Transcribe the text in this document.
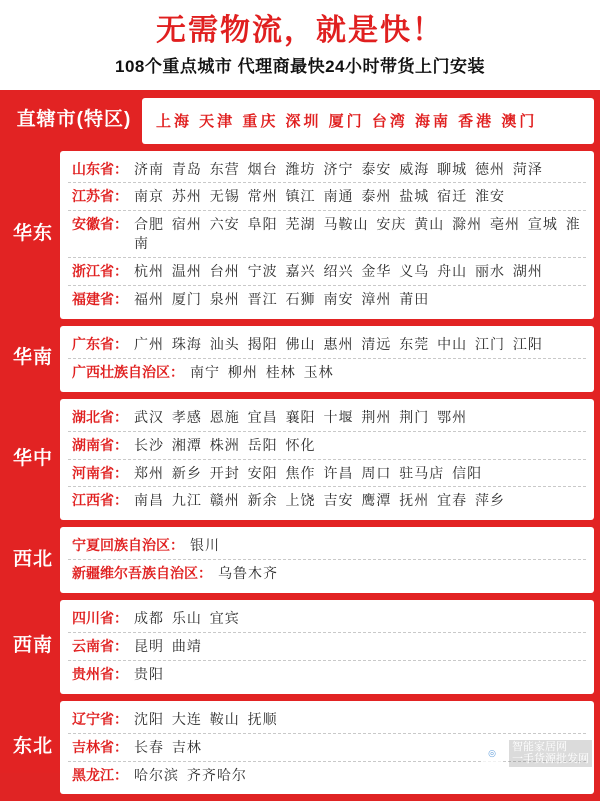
无需物流，就是快！
108个重点城市 代理商最快24小时带货上门安装
直辖市(特区)	上海 天津 重庆 深圳 厦门 台湾 海南 香港 澳门
华东
山东省： 济南 青岛 东营 烟台 潍坊 济宁 泰安 威海 聊城 德州 菏泽
江苏省： 南京 苏州 无锡 常州 镇江 南通 泰州 盐城 宿迁 淮安
安徽省： 合肥 宿州 六安 阜阳 芜湖 马鞍山 安庆 黄山 滁州 亳州 宣城 淮南
浙江省： 杭州 温州 台州 宁波 嘉兴 绍兴 金华 义乌 舟山 丽水 湖州
福建省： 福州 厦门 泉州 晋江 石狮 南安 漳州 莆田
华南
广东省： 广州 珠海 汕头 揭阳 佛山 惠州 清远 东莞 中山 江门 江阳
广西壮族自治区： 南宁 柳州 桂林 玉林
华中
湖北省： 武汉 孝感 恩施 宜昌 襄阳 十堰 荆州 荆门 鄂州
湖南省： 长沙 湘潭 株洲 岳阳 怀化
河南省： 郑州 新乡 开封 安阳 焦作 许昌 周口 驻马店 信阳
江西省： 南昌 九江 赣州 新余 上饶 吉安 鹰潭 抚州 宜春 萍乡
西北
宁夏回族自治区： 银川
新疆维尔吾族自治区： 乌鲁木齐
西南
四川省： 成都 乐山 宜宾
云南省： 昆明 曲靖
贵州省： 贵阳
东北
辽宁省： 沈阳 大连 鞍山 抚顺
吉林省： 长春 吉林
黑龙江： 哈尔滨 齐齐哈尔
◎
智能家居网
一手货源批发网
